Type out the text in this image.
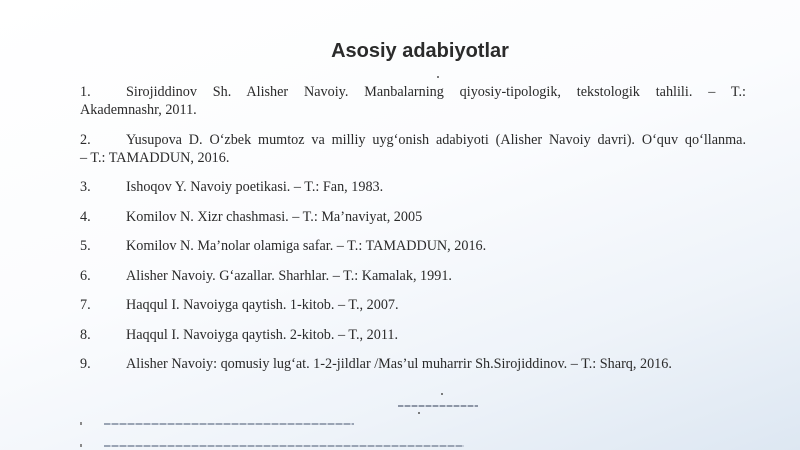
Asosiy adabiyotlar
1.	Sirojiddinov Sh. Alisher Navoiy. Manbalarning qiyosiy-tipologik, tekstologik tahlili. – T.:
Akademnashr, 2011.
2.	Yusupova D. O‘zbek mumtoz va milliy uyg‘onish adabiyoti (Alisher Navoiy davri). O‘quv qo‘llanma.
– T.: TAMADDUN, 2016.
3.	Ishoqov Y. Navoiy poetikasi. – T.: Fan, 1983.
4.	Komilov N. Xizr chashmasi. – T.: Ma’naviyat, 2005
5.	Komilov N. Ma’nolar olamiga safar. – T.: TAMADDUN, 2016.
6.	Alisher Navoiy. G‘azallar. Sharhlar. – T.: Kamalak, 1991.
7.	Haqqul I. Navoiyga qaytish. 1-kitob. – T., 2007.
8.	Haqqul I. Navoiyga qaytish. 2-kitob. – T., 2011.
9.	Alisher Navoiy: qomusiy lug‘at. 1-2-jildlar /Mas’ul muharrir Sh.Sirojiddinov. – T.: Sharq, 2016.
